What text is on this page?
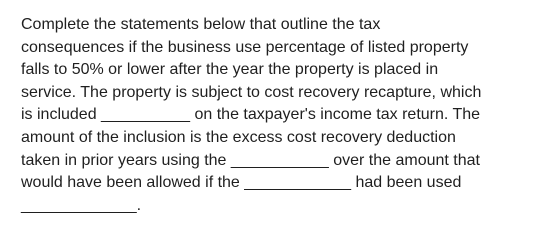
Complete the statements below that outline the tax
consequences if the business use percentage of listed property
falls to 50% or lower after the year the property is placed in
service. The property is subject to cost recovery recapture, which
is included __________ on the taxpayer's income tax return. The
amount of the inclusion is the excess cost recovery deduction
taken in prior years using the ___________ over the amount that
would have been allowed if the ____________ had been used
_____________.
